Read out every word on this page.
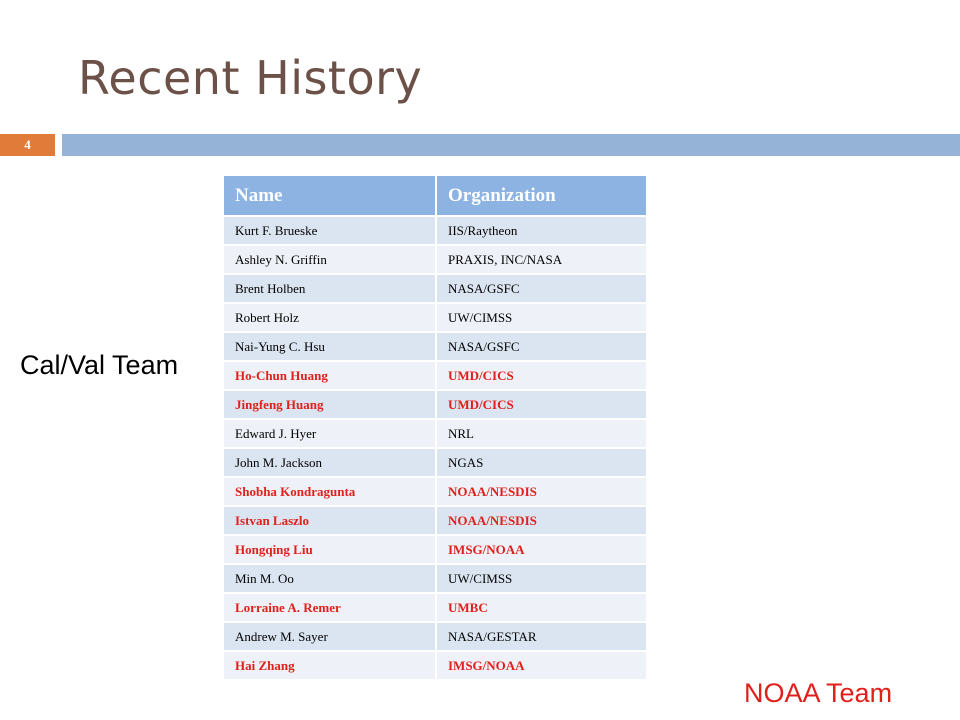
Recent History
4
Name	Organization
Kurt F. Brueske	IIS/Raytheon
Ashley N. Griffin	PRAXIS, INC/NASA
Brent Holben	NASA/GSFC
Robert Holz	UW/CIMSS
Nai-Yung C. Hsu	NASA/GSFC
Ho-Chun Huang	UMD/CICS
Jingfeng Huang	UMD/CICS
Edward J. Hyer	NRL
John M. Jackson	NGAS
Shobha Kondragunta	NOAA/NESDIS
Istvan Laszlo	NOAA/NESDIS
Hongqing Liu	IMSG/NOAA
Min M. Oo	UW/CIMSS
Lorraine A. Remer	UMBC
Andrew M. Sayer	NASA/GESTAR
Hai Zhang	IMSG/NOAA
Cal/Val Team
NOAA Team
